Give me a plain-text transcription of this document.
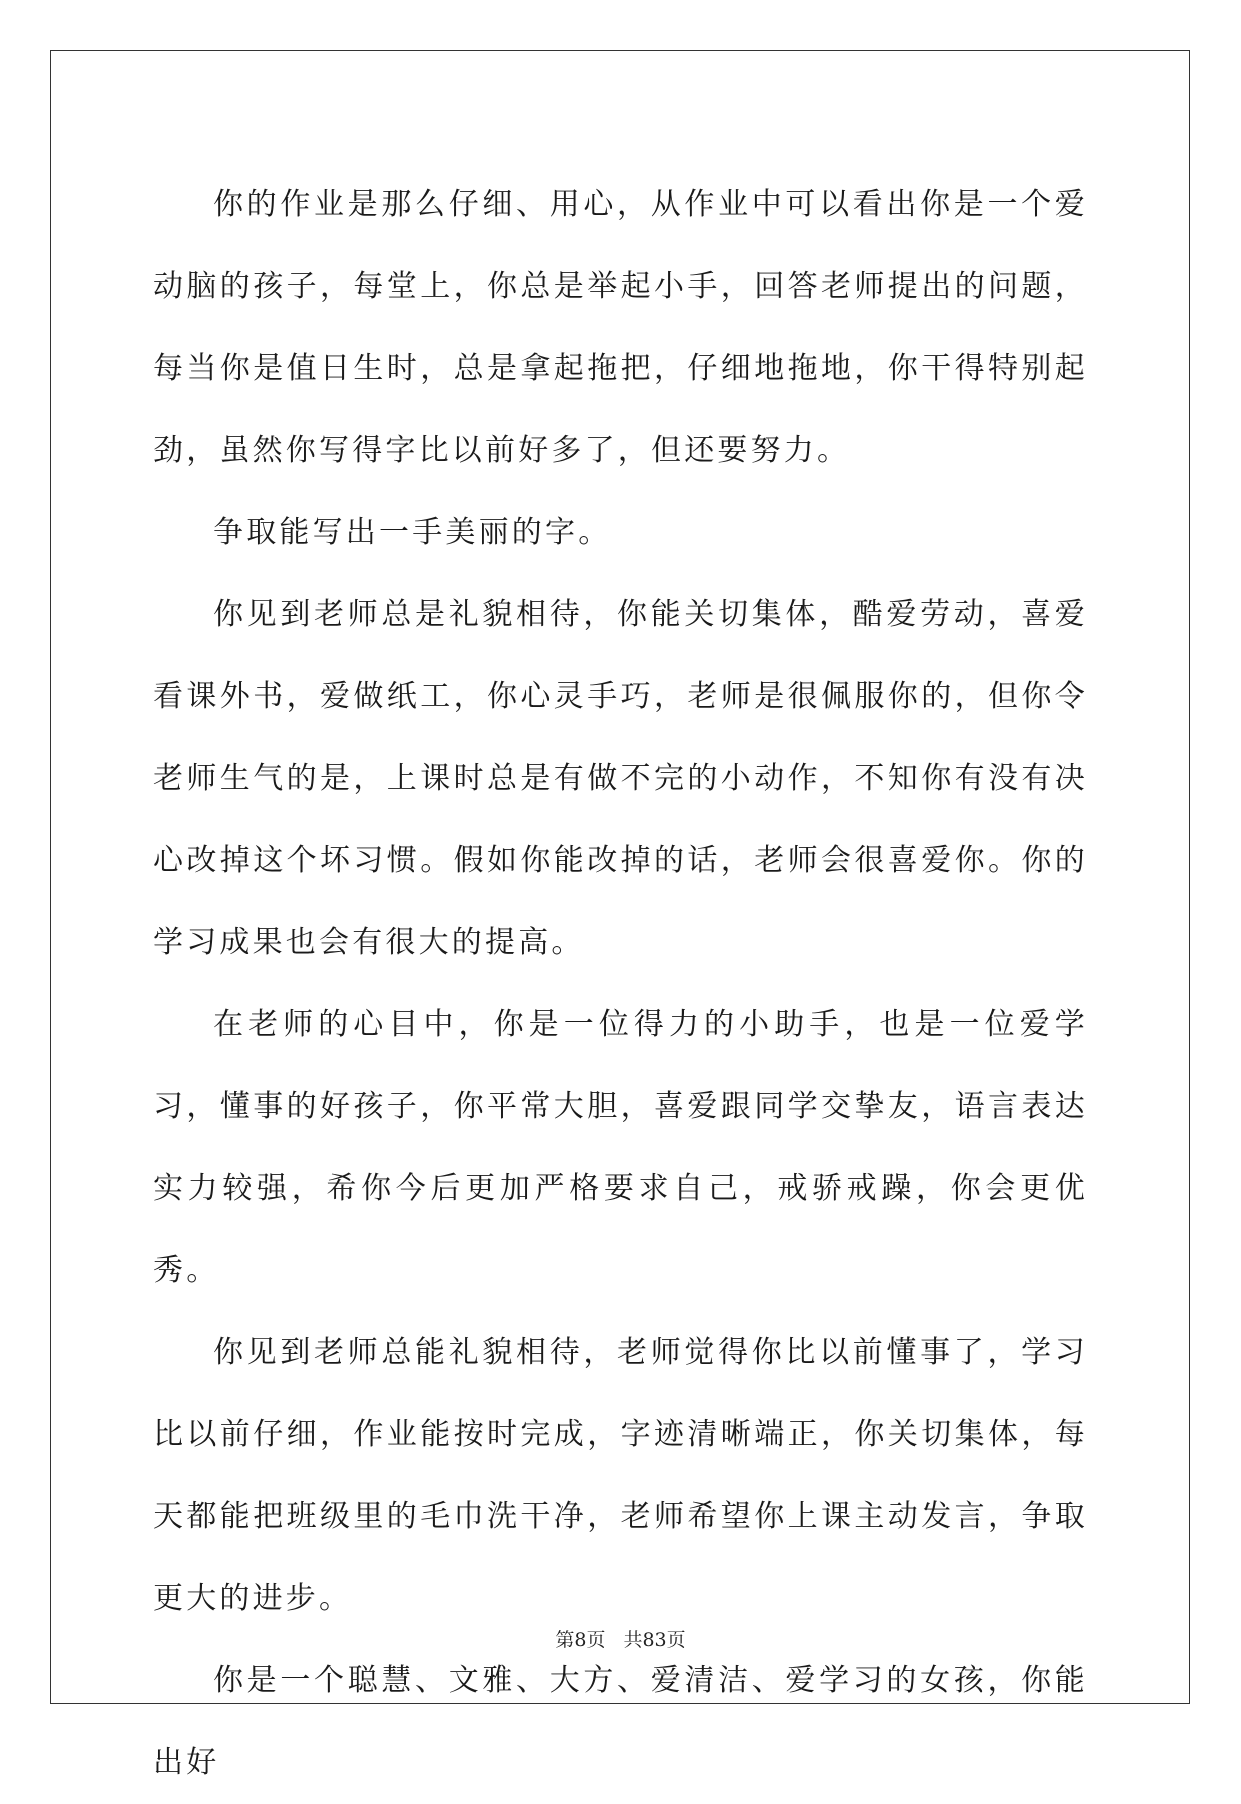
你的作业是那么仔细、用心，从作业中可以看出你是一个爱动脑的孩子，每堂上，你总是举起小手，回答老师提出的问题，每当你是值日生时，总是拿起拖把，仔细地拖地，你干得特别起劲，虽然你写得字比以前好多了，但还要努力。

争取能写出一手美丽的字。

你见到老师总是礼貌相待，你能关切集体，酷爱劳动，喜爱看课外书，爱做纸工，你心灵手巧，老师是很佩服你的，但你令老师生气的是，上课时总是有做不完的小动作，不知你有没有决心改掉这个坏习惯。假如你能改掉的话，老师会很喜爱你。你的学习成果也会有很大的提高。

在老师的心目中，你是一位得力的小助手，也是一位爱学习，懂事的好孩子，你平常大胆，喜爱跟同学交挚友，语言表达实力较强，希你今后更加严格要求自己，戒骄戒躁，你会更优秀。

你见到老师总能礼貌相待，老师觉得你比以前懂事了，学习比以前仔细，作业能按时完成，字迹清晰端正，你关切集体，每天都能把班级里的毛巾洗干净，老师希望你上课主动发言，争取更大的进步。

你是一个聪慧、文雅、大方、爱清洁、爱学习的女孩，你能出好

第8页 共83页
